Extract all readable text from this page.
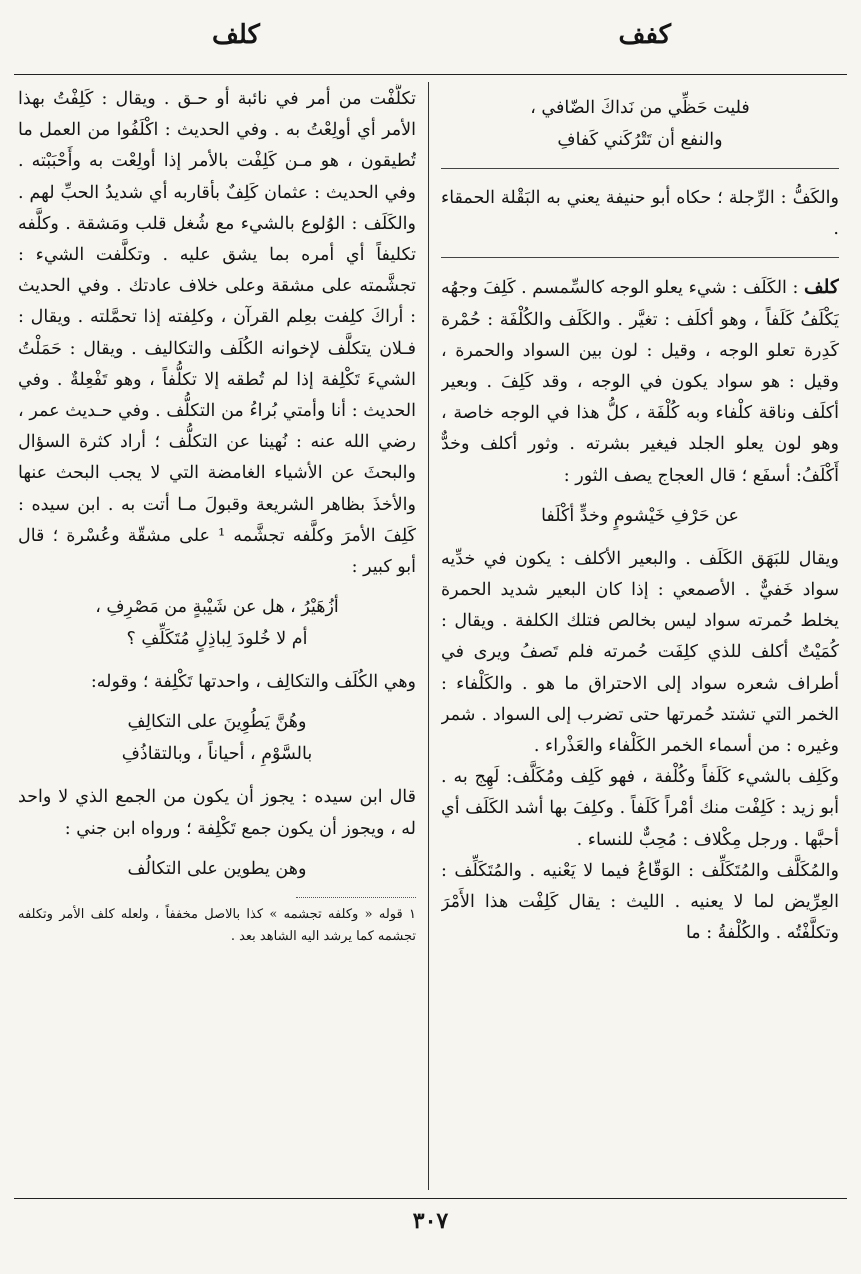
كفف
كلف
فليت حَظِّي من نَداكَ الضّافي ،
والنفع أن تَتْرُكَني كَفافِ

والكَفُّ : الرِّجلة ؛ حكاه أبو حنيفة يعني به البَقْلة الحمقاء .

كلف : الكَلَف : شيء يعلو الوجه كالسِّمسم . كَلِفَ وجهُه يَكْلَفُ كَلَفاً ، وهو أكلَف : تغيَّر . والكَلَف والكُلْفَة : حُمْرة كَدِرة تعلو الوجه ، وقيل : لون بين السواد والحمرة ، وقيل : هو سواد يكون في الوجه ، وقد كَلِفَ . وبعير أكلَف وناقة كلْفاء وبه كُلْفَة ، كلُّ هذا في الوجه خاصة ، وهو لون يعلو الجلد فيغير بشرته . وثور أكلف وخدٌّ أَكْلَفُ: أسفَع ؛ قال العجاج يصف الثور :

عن حَرْفِ خَيْشومٍ وخدٍّ أكْلَفا

ويقال للبَهَق الكَلَف . والبعير الأكلف : يكون في خدِّيه سواد خَفيٌّ . الأصمعي : إذا كان البعير شديد الحمرة يخلط حُمرته سواد ليس بخالص فتلك الكلفة . ويقال : كُمَيْتٌ أكلف للذي كلِفَت حُمرته فلم تَصفُ ويرى في أطراف شعره سواد إلى الاحتراق ما هو . والكَلْفاء : الخمر التي تشتد حُمرتها حتى تضرب إلى السواد . شمر وغيره : من أسماء الخمر الكَلْفاء والعَذْراء .

وكَلِف بالشيء كَلَفاً وكُلْفة ، فهو كَلِف ومُكَلَّف: لَهِج به . أبو زيد : كَلِفْت منك أمْراً كَلَفاً . وكلِفَ بها أشد الكَلَف أي أحبَّها . ورجل مِكْلاف : مُحِبٌّ للنساء .

والمُكَلَّف والمُتَكَلِّف : الوَقّاعُ فيما لا يَعْنيه . والمُتَكَلِّف : العِرِّيض لما لا يعنيه . الليث : يقال كَلِفْت هذا الأَمْرَ وتكلَّفْتُه . والكُلْفةُ : ما

تكلَّفْت من أمر في نائبة أو حـق . ويقال : كَلِفْتُ بهذا الأمر أي أولِعْتُ به . وفي الحديث : اكْلَفُوا من العمل ما تُطيقون ، هو مـن كَلِفْت بالأمر إذا أولِعْت به وأَحْبَبْته . وفي الحديث : عثمان كَلِفٌ بأقاربه أي شديدُ الحبِّ لهم . والكَلَف : الوُلوع بالشيء مع شُغل قلب ومَشقة . وكلَّفه تكليفاً أي أمره بما يشق عليه . وتكلَّفت الشيء : تجشَّمته على مشقة وعلى خلاف عادتك . وفي الحديث : أراكَ كلِفت بعِلم القرآن ، وكلِفته إذا تحمَّلته . ويقال : فـلان يتكلَّف لإخوانه الكُلَف والتكاليف . ويقال : حَمَلْتُ الشيءَ تَكْلِفة إذا لم تُطقه إلا تكلُّفاً ، وهو تَفْعِلةٌ . وفي الحديث : أنا وأمتي بُراءُ من التكلُّف . وفي حـديث عمر ، رضي الله عنه : نُهينا عن التكلُّف ؛ أراد كثرة السؤال والبحثَ عن الأشياء الغامضة التي لا يجب البحث عنها والأخذَ بظاهر الشريعة وقبولَ مـا أتت به . ابن سيده : كَلِفَ الأمرَ وكلَّفه تجشَّمه ¹ على مشقّة وعُسْرة ؛ قال أبو كبير :

أزُهَيْرُ ، هل عن شَيْبةٍ من مَصْرِفِ ،
أم لا خُلودَ لِباذِلٍ مُتَكَلِّفِ ؟

وهي الكُلَف والتكالِف ، واحدتها تَكْلِفة ؛ وقوله:

وهُنَّ يَطُوِينَ على التكالِفِ
بالسَّوْمِ ، أحياناً ، وبالتقاذُفِ

قال ابن سيده : يجوز أن يكون من الجمع الذي لا واحد له ، ويجوز أن يكون جمع تَكْلِفة ؛ ورواه ابن جني :

وهن يطوين على التكالُف

١ قوله « وكلفه تجشمه » كذا بالاصل مخففاً ، ولعله كلف الأمر وتكلفه تجشمه كما يرشد اليه الشاهد بعد .

٣٠٧
